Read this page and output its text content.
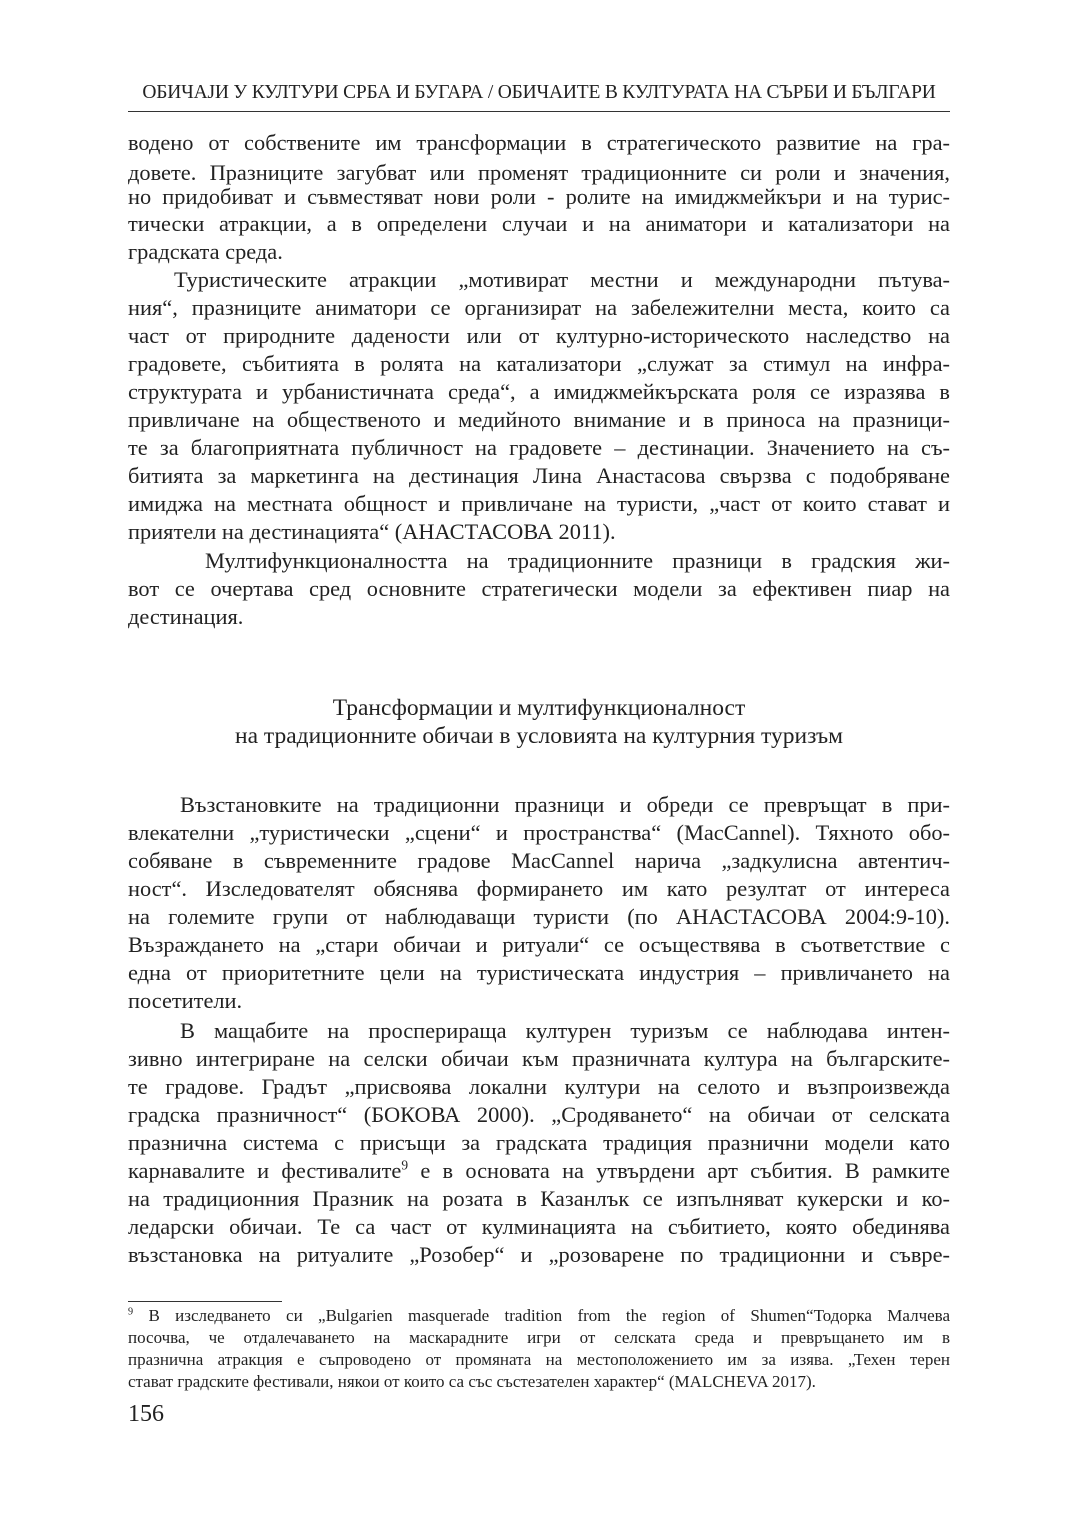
ОБИЧАЈИ У КУЛТУРИ СРБА И БУГАРА / ОБИЧАИТЕ В КУЛТУРАТА НА СЪРБИ И БЪЛГАРИ
водено от собствените им трансформации в стратегическото развитие на гра-
довете. Празниците загубват или променят традиционните си роли и значения,
но придобиват и съвместяват нови роли - ролите на имиджмейкъри и на турис-
тически атракции, а в определени случаи и на аниматори и катализатори на
градската среда.
Туристическите атракции „мотивират местни и международни пътува-
ния“, празниците аниматори се организират на забележителни места, които са
част от природните дадености или от културно-историческото наследство на
градовете, събитията в ролята на катализатори „служат за стимул на инфра-
структурата и урбанистичната среда“, а имиджмейкърската роля се изразява в
привличане на общественото и медийното внимание и в приноса на празници-
те за благоприятната публичност на градовете – дестинации. Значението на съ-
битията за маркетинга на дестинация Лина Анастасова свързва с подобряване
имиджа на местната общност и привличане на туристи, „част от които стават и
приятели на дестинацията“ (АНАСТАСОВА 2011).
Мултифункционалността на традиционните празници в градския жи-
вот се очертава сред основните стратегически модели за ефективен пиар на
дестинация.
Трансформации и мултифункционалност
на традиционните обичаи в условията на културния туризъм
Възстановките на традиционни празници и обреди се превръщат в при-
влекателни „туристически „сцени“ и пространства“ (MacCannel). Тяхното обо-
собяване в съвременните градове MacCannel нарича „задкулисна автентич-
ност“. Изследователят обяснява формирането им като резултат от интереса
на големите групи от наблюдаващи туристи (по АНАСТАСОВА 2004:9-10).
Възраждането на „стари обичаи и ритуали“ се осъществява в съответствие с
една от приоритетните цели на туристическата индустрия – привличането на
посетители.
В мащабите на просперираща културен туризъм се наблюдава интен-
зивно интегриране на селски обичаи към празничната култура на българските-
те градове. Градът „присвоява локални култури на селото и възпроизвежда
градска празничност“ (БОКОВА 2000). „Сродяването“ на обичаи от селската
празнична система с присъщи за градската традиция празнични модели като
карнавалите и фестивалите$^9$ е в основата на утвърдени арт събития. В рамките
на традиционния Празник на розата в Казанлък се изпълняват кукерски и ко-
ледарски обичаи. Те са част от кулминацията на събитието, която обединява
възстановка на ритуалите „Розобер“ и „розоварене по традиционни и съвре-
$^9$ В изследването си „Bulgarien masquerade tradition from the region of Shumen“Тодорка Малчева
посочва, че отдалечаването на маскарадните игри от селската среда и превръщането им в
празнична атракция е съпроводено от промяната на местоположението им за изява. „Техен терен
стават градските фестивали, някои от които са със състезателен характер“ (MALCHEVA 2017).
156
